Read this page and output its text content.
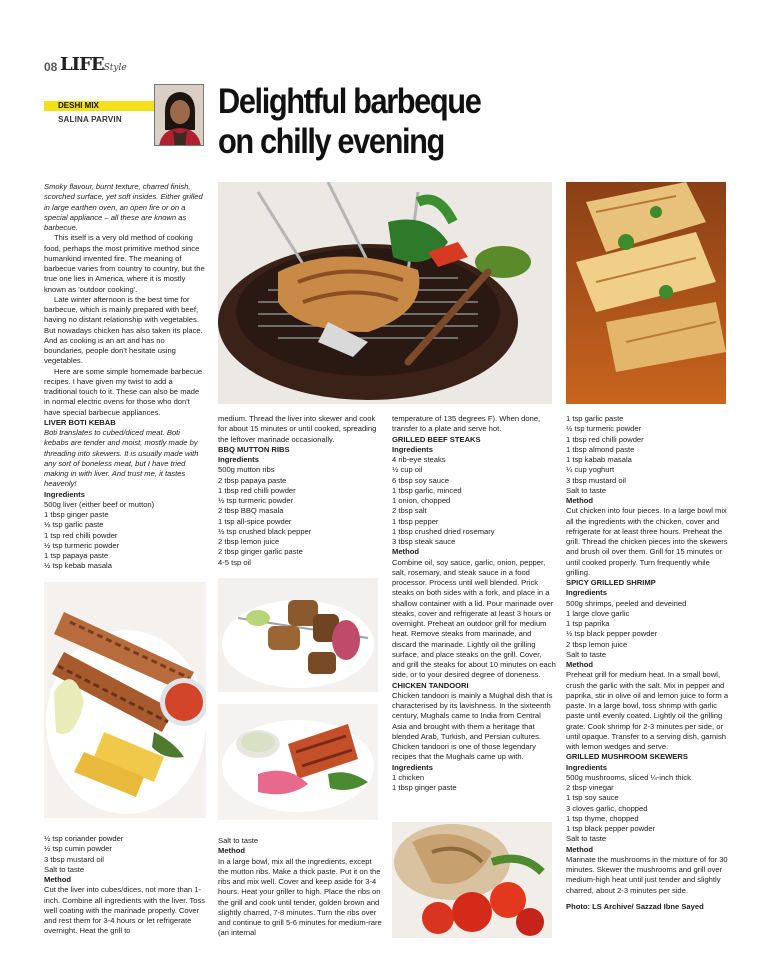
08 LIFEStyle
DESHI MIX
SALINA PARVIN	Delightful barbeque on chilly evening

Smoky flavour, burnt texture, charred finish, scorched surface, yet soft insides. Either grilled in large earthen oven, an open fire or on a special appliance – all these are known as barbecue.

This itself is a very old method of cooking food, perhaps the most primitive method since humankind invented fire. The meaning of barbecue varies from country to country, but the true one lies in America, where it is mostly known as 'outdoor cooking'.

Late winter afternoon is the best time for barbecue, which is mainly prepared with beef, having no distant relationship with vegetables. But nowadays chicken has also taken its place. And as cooking is an art and has no boundaries, people don't hesitate using vegetables.

Here are some simple homemade barbecue recipes. I have given my twist to add a traditional touch to it. These can also be made in normal electric ovens for those who don't have special barbecue appliances.

LIVER BOTI KEBAB

Boti translates to cubed/diced meat. Boti kebabs are tender and moist, mostly made by threading into skewers. It is usually made with any sort of boneless meat, but I have tried making in with liver. And trust me, it tastes heavenly!

Ingredients

500g liver (either beef or mutton)

1 tbsp ginger paste

½ tsp garlic paste

1 tsp red chilli powder

½ tsp turmeric powder

1 tsp papaya paste

½ tsp kebab masala

½ tsp coriander powder

½ tsp cumin powder

3 tbsp mustard oil

Salt to taste

Method

Cut the liver into cubes/dices, not more than 1-inch. Combine all ingredients with the liver. Toss well coating with the marinade properly. Cover and rest them for 3-4 hours or let refrigerate overnight. Heat the grill to

medium. Thread the liver into skewer and cook for about 15 minutes or until cooked, spreading the leftover marinade occasionally.

BBQ MUTTON RIBS

Ingredients

500g mutton ribs

2 tbsp papaya paste

1 tbsp red chilli powder

½ tsp turmeric powder

2 tbsp BBQ masala

1 tsp all-spice powder

½ tsp crushed black pepper

2 tbsp lemon juice

2 tbsp ginger garlic paste

4-5 tsp oil

Salt to taste

Method

In a large bowl, mix all the ingredients, except the mutton ribs. Make a thick paste. Put it on the ribs and mix well. Cover and keep aside for 3-4 hours. Heat your griller to high. Place the ribs on the grill and cook until tender, golden brown and slightly charred, 7-8 minutes. Turn the ribs over and continue to grill 5-6 minutes for medium-rare (an internal

temperature of 135 degrees F). When done, transfer to a plate and serve hot.

GRILLED BEEF STEAKS

Ingredients

4 rib-eye steaks

½ cup oil

6 tbsp soy sauce

1 tbsp garlic, minced

1 onion, chopped

2 tbsp salt

1 tbsp pepper

1 tbsp crushed dried rosemary

3 tbsp steak sauce

Method

Combine oil, soy sauce, garlic, onion, pepper, salt, rosemary, and steak sauce in a food processor. Process until well blended. Prick steaks on both sides with a fork, and place in a shallow container with a lid. Pour marinade over steaks, cover and refrigerate at least 3 hours or overnight. Preheat an outdoor grill for medium heat. Remove steaks from marinade, and discard the marinade. Lightly oil the grilling surface, and place steaks on the grill. Cover, and grill the steaks for about 10 minutes on each side, or to your desired degree of doneness.

CHICKEN TANDOORI

Chicken tandoori is mainly a Mughal dish that is characterised by its lavishness. In the sixteenth century, Mughals came to India from Central Asia and brought with them a heritage that blended Arab, Turkish, and Persian cultures.

Chicken tandoori is one of those legendary recipes that the Mughals came up with.

Ingredients

1 chicken

1 tbsp ginger paste

1 tsp garlic paste

½ tsp turmeric powder

1 tbsp red chilli powder

1 tbsp almond paste

1 tsp kabab masala

¼ cup yoghurt

3 tbsp mustard oil

Salt to taste

Method

Cut chicken into four pieces. In a large bowl mix all the ingredients with the chicken, cover and refrigerate for at least three hours. Preheat the grill. Thread the chicken pieces into the skewers and brush oil over them. Grill for 15 minutes or until cooked properly. Turn frequently while grilling.

SPICY GRILLED SHRIMP

Ingredients

500g shrimps, peeled and deveined

1 large clove garlic

1 tsp paprika

½ tsp black pepper powder

2 tbsp lemon juice

Salt to taste

Method

Preheat grill for medium heat. In a small bowl, crush the garlic with the salt. Mix in pepper and paprika, stir in olive oil and lemon juice to form a paste. In a large bowl, toss shrimp with garlic paste until evenly coated. Lightly oil the grilling grate. Cook shrimp for 2-3 minutes per side, or until opaque. Transfer to a serving dish, garnish with lemon wedges and serve.

GRILLED MUSHROOM SKEWERS

Ingredients

500g mushrooms, sliced ¼-inch thick

2 tbsp vinegar

1 tsp soy sauce

3 cloves garlic, chopped

1 tsp thyme, chopped

1 tsp black pepper powder

Salt to taste

Method

Marinate the mushrooms in the mixture of for 30 minutes. Skewer the mushrooms and grill over medium-high heat until just tender and slightly charred, about 2-3 minutes per side.

Photo: LS Archive/ Sazzad Ibne Sayed
